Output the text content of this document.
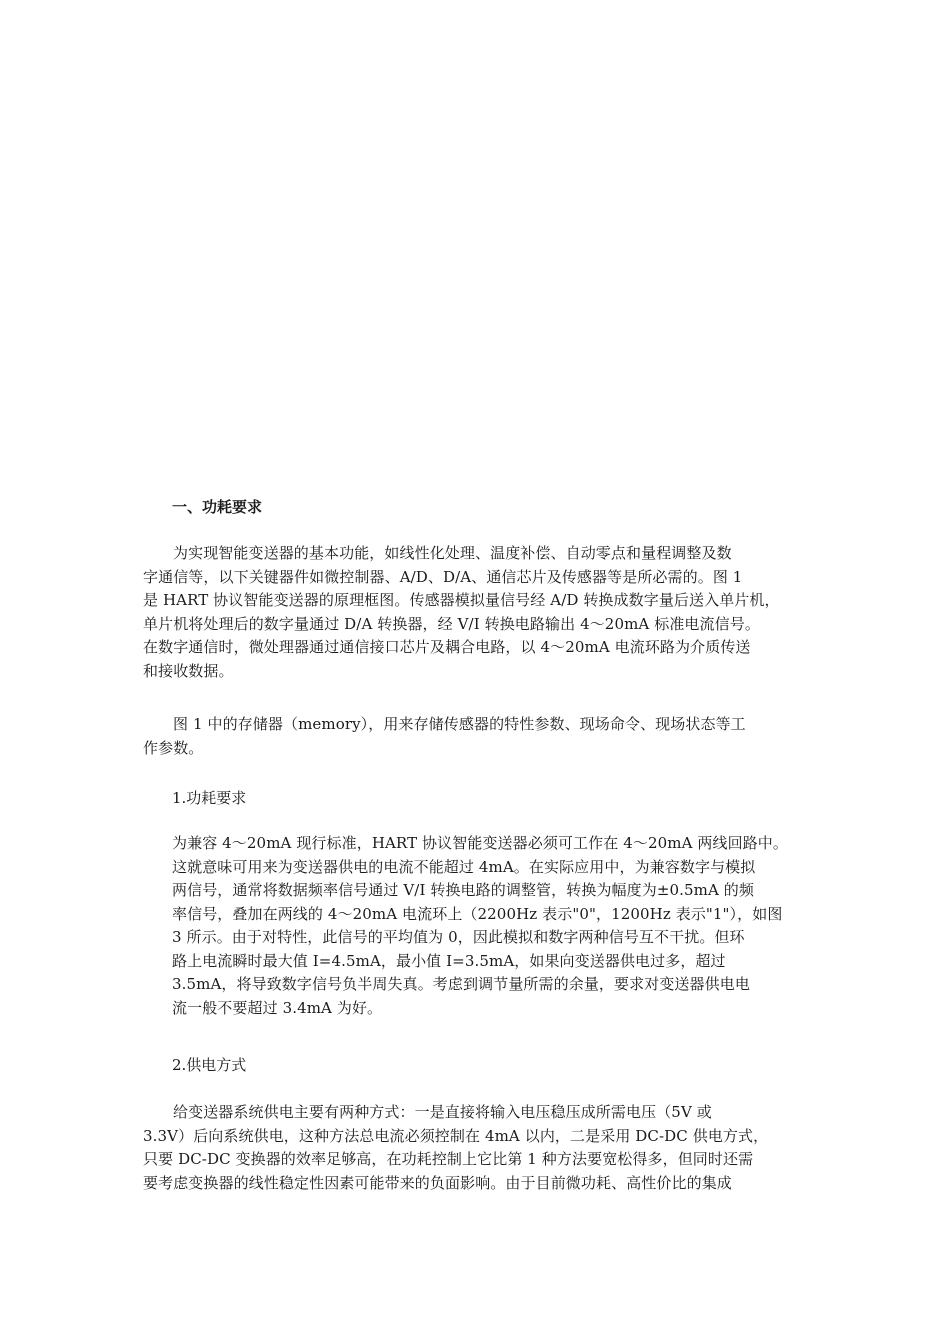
一、功耗要求
为实现智能变送器的基本功能，如线性化处理、温度补偿、自动零点和量程调整及数
字通信等，以下关键器件如微控制器、A/D、D/A、通信芯片及传感器等是所必需的。图 1
是 HART 协议智能变送器的原理框图。传感器模拟量信号经 A/D 转换成数字量后送入单片机，
单片机将处理后的数字量通过 D/A 转换器，经 V/I 转换电路输出 4～20mA 标准电流信号。
在数字通信时，微处理器通过通信接口芯片及耦合电路，以 4～20mA 电流环路为介质传送
和接收数据。
图 1 中的存储器（memory），用来存储传感器的特性参数、现场命令、现场状态等工
作参数。
1.功耗要求
为兼容 4～20mA 现行标准，HART 协议智能变送器必须可工作在 4～20mA 两线回路中。
这就意味可用来为变送器供电的电流不能超过 4mA。在实际应用中，为兼容数字与模拟
两信号，通常将数据频率信号通过 V/I 转换电路的调整管，转换为幅度为±0.5mA 的频
率信号，叠加在两线的 4～20mA 电流环上（2200Hz 表示"0"，1200Hz 表示"1"），如图
3 所示。由于对特性，此信号的平均值为 0，因此模拟和数字两种信号互不干扰。但环
路上电流瞬时最大值 I=4.5mA，最小值 I=3.5mA，如果向变送器供电过多，超过
3.5mA，将导致数字信号负半周失真。考虑到调节量所需的余量，要求对变送器供电电
流一般不要超过 3.4mA 为好。
2.供电方式
给变送器系统供电主要有两种方式：一是直接将输入电压稳压成所需电压（5V 或
3.3V）后向系统供电，这种方法总电流必须控制在 4mA 以内，二是采用 DC-DC 供电方式，
只要 DC-DC 变换器的效率足够高，在功耗控制上它比第 1 种方法要宽松得多，但同时还需
要考虑变换器的线性稳定性因素可能带来的负面影响。由于目前微功耗、高性价比的集成
